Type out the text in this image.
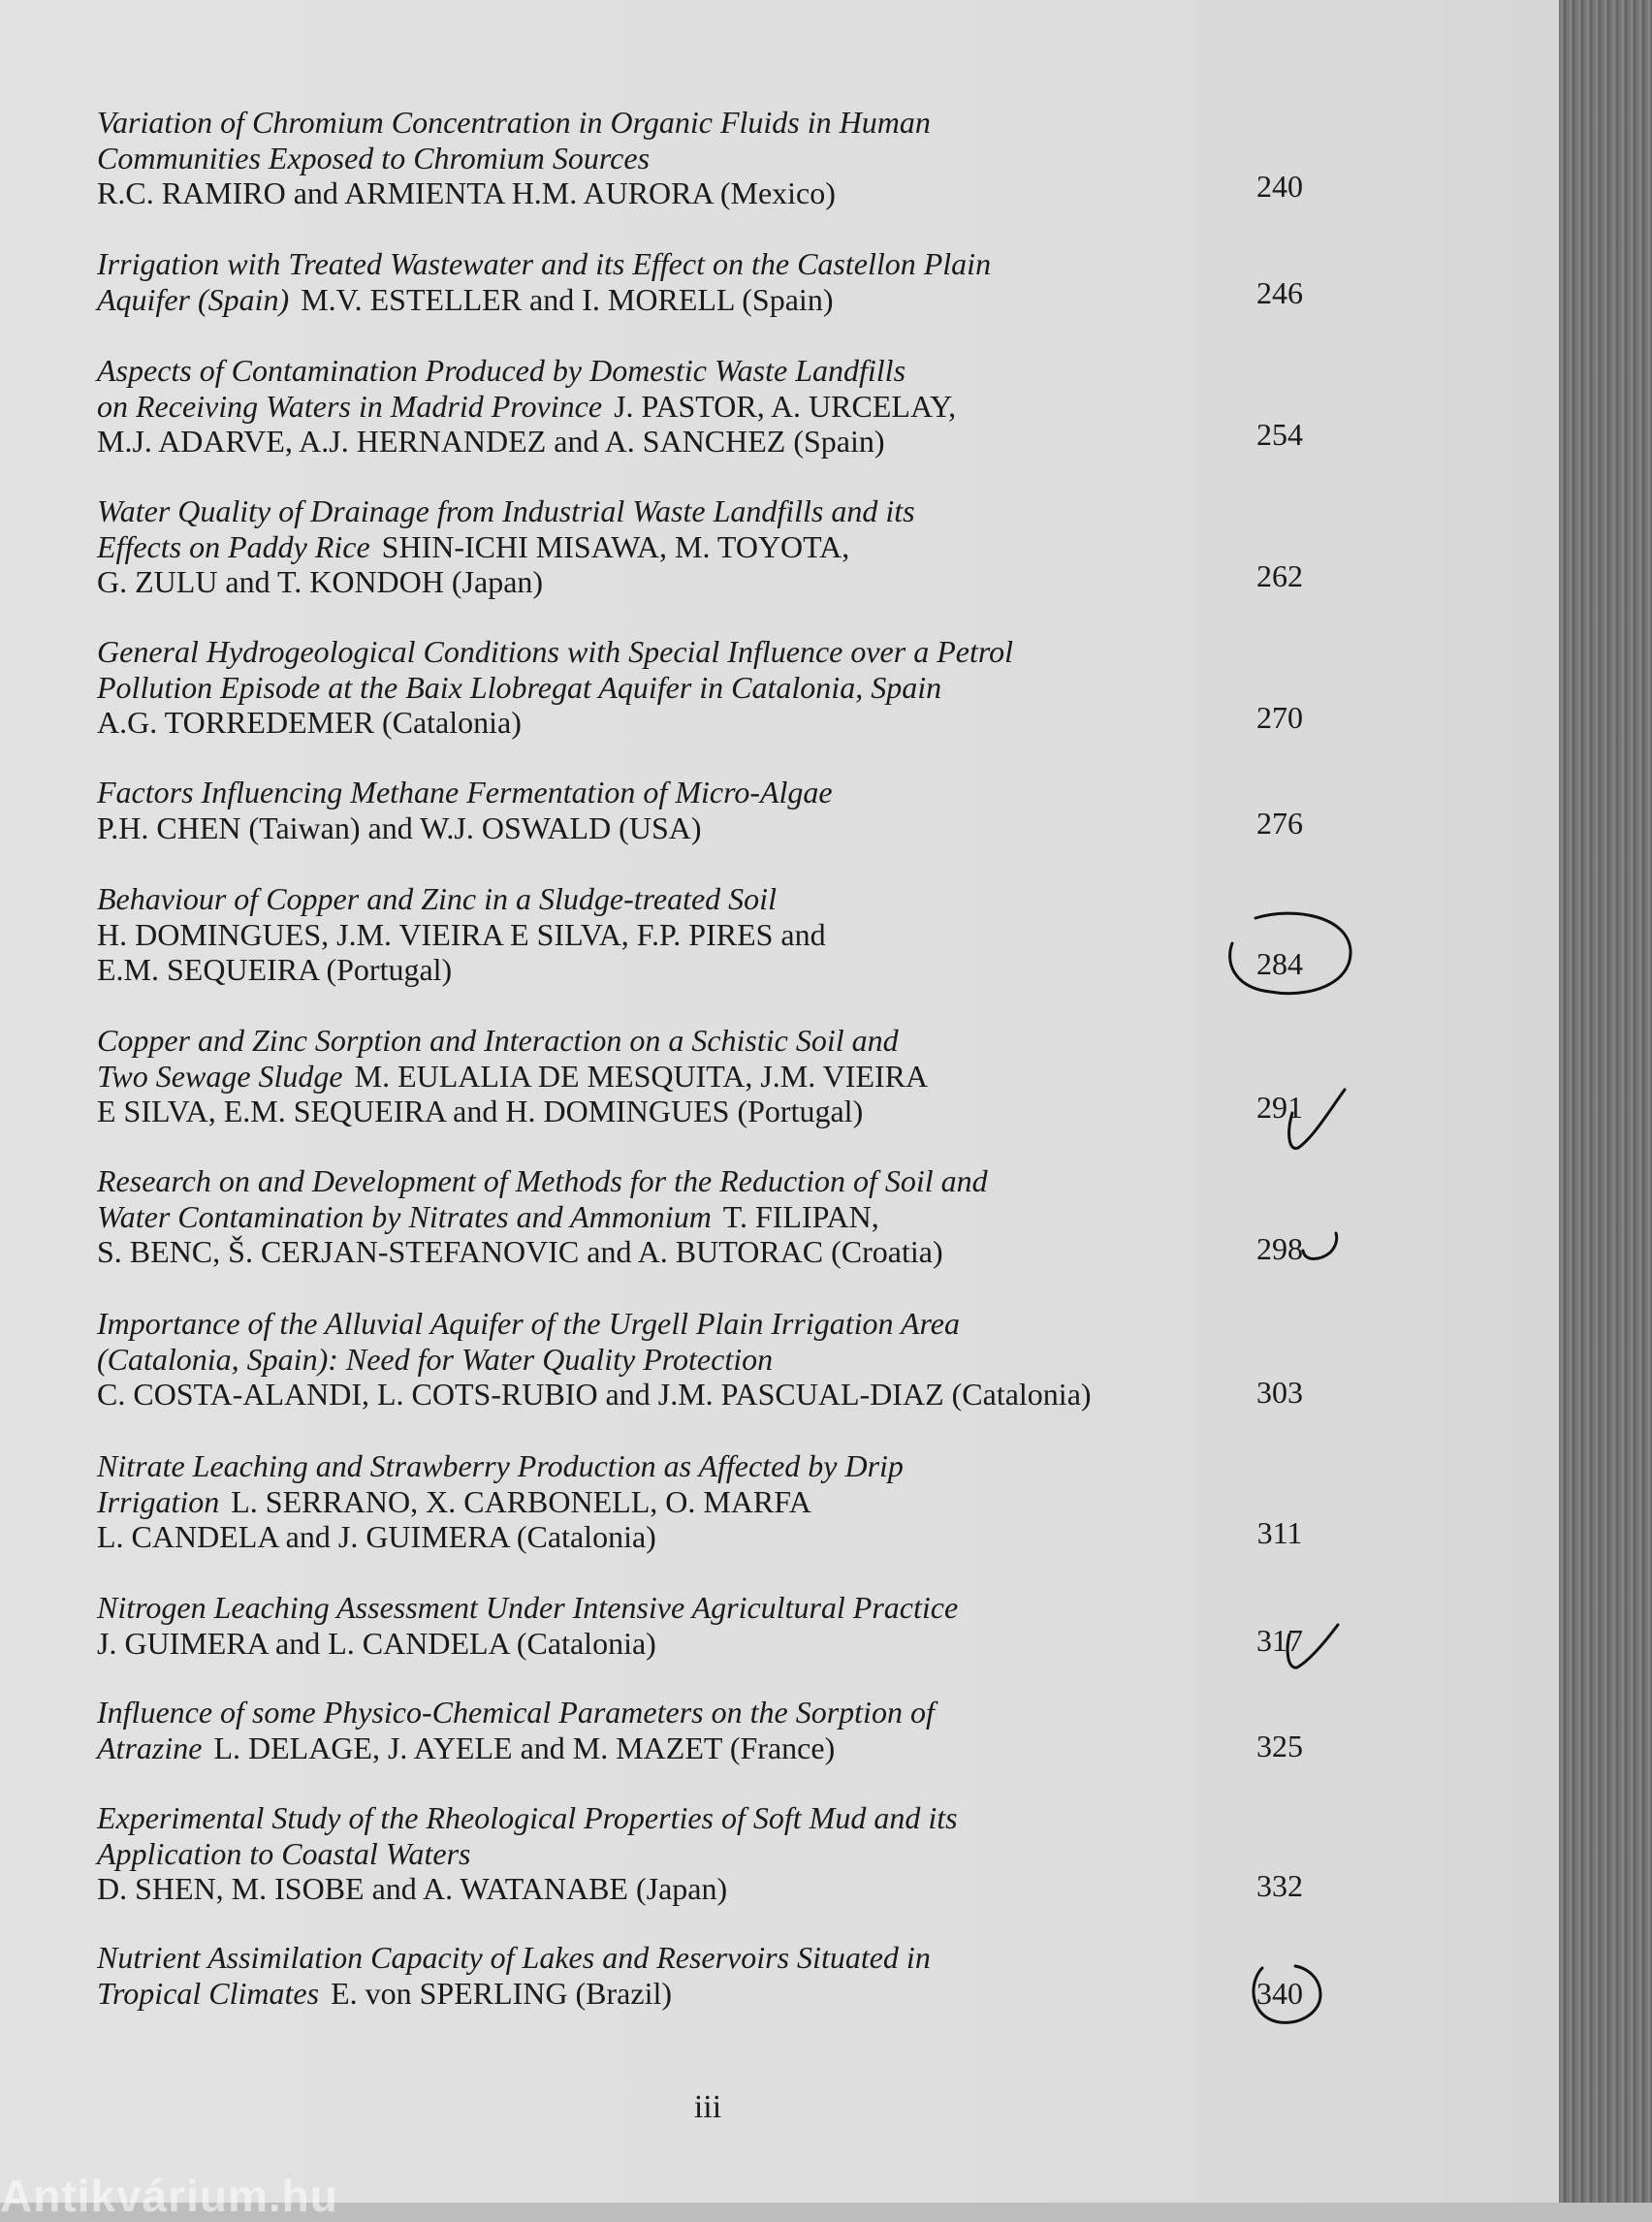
Variation of Chromium Concentration in Organic Fluids in Human
Communities Exposed to Chromium Sources
R.C. RAMIRO and ARMIENTA H.M. AURORA (Mexico)	240
Irrigation with Treated Wastewater and its Effect on the Castellon Plain
Aquifer (Spain) M.V. ESTELLER and I. MORELL (Spain)	246
Aspects of Contamination Produced by Domestic Waste Landfills
on Receiving Waters in Madrid Province J. PASTOR, A. URCELAY,
M.J. ADARVE, A.J. HERNANDEZ and A. SANCHEZ (Spain)	254
Water Quality of Drainage from Industrial Waste Landfills and its
Effects on Paddy Rice SHIN-ICHI MISAWA, M. TOYOTA,
G. ZULU and T. KONDOH (Japan)	262
General Hydrogeological Conditions with Special Influence over a Petrol
Pollution Episode at the Baix Llobregat Aquifer in Catalonia, Spain
A.G. TORREDEMER (Catalonia)	270
Factors Influencing Methane Fermentation of Micro-Algae
P.H. CHEN (Taiwan) and W.J. OSWALD (USA)	276
Behaviour of Copper and Zinc in a Sludge-treated Soil
H. DOMINGUES, J.M. VIEIRA E SILVA, F.P. PIRES and
E.M. SEQUEIRA (Portugal)	284
Copper and Zinc Sorption and Interaction on a Schistic Soil and
Two Sewage Sludge M. EULALIA DE MESQUITA, J.M. VIEIRA
E SILVA, E.M. SEQUEIRA and H. DOMINGUES (Portugal)	291
Research on and Development of Methods for the Reduction of Soil and
Water Contamination by Nitrates and Ammonium T. FILIPAN,
S. BENC, Š. CERJAN-STEFANOVIC and A. BUTORAC (Croatia)	298
Importance of the Alluvial Aquifer of the Urgell Plain Irrigation Area
(Catalonia, Spain): Need for Water Quality Protection
C. COSTA-ALANDI, L. COTS-RUBIO and J.M. PASCUAL-DIAZ (Catalonia)	303
Nitrate Leaching and Strawberry Production as Affected by Drip
Irrigation L. SERRANO, X. CARBONELL, O. MARFA
L. CANDELA and J. GUIMERA (Catalonia)	311
Nitrogen Leaching Assessment Under Intensive Agricultural Practice
J. GUIMERA and L. CANDELA (Catalonia)	317
Influence of some Physico-Chemical Parameters on the Sorption of
Atrazine L. DELAGE, J. AYELE and M. MAZET (France)	325
Experimental Study of the Rheological Properties of Soft Mud and its
Application to Coastal Waters
D. SHEN, M. ISOBE and A. WATANABE (Japan)	332
Nutrient Assimilation Capacity of Lakes and Reservoirs Situated in
Tropical Climates E. von SPERLING (Brazil)	340
iii
Antikvárium.hu
